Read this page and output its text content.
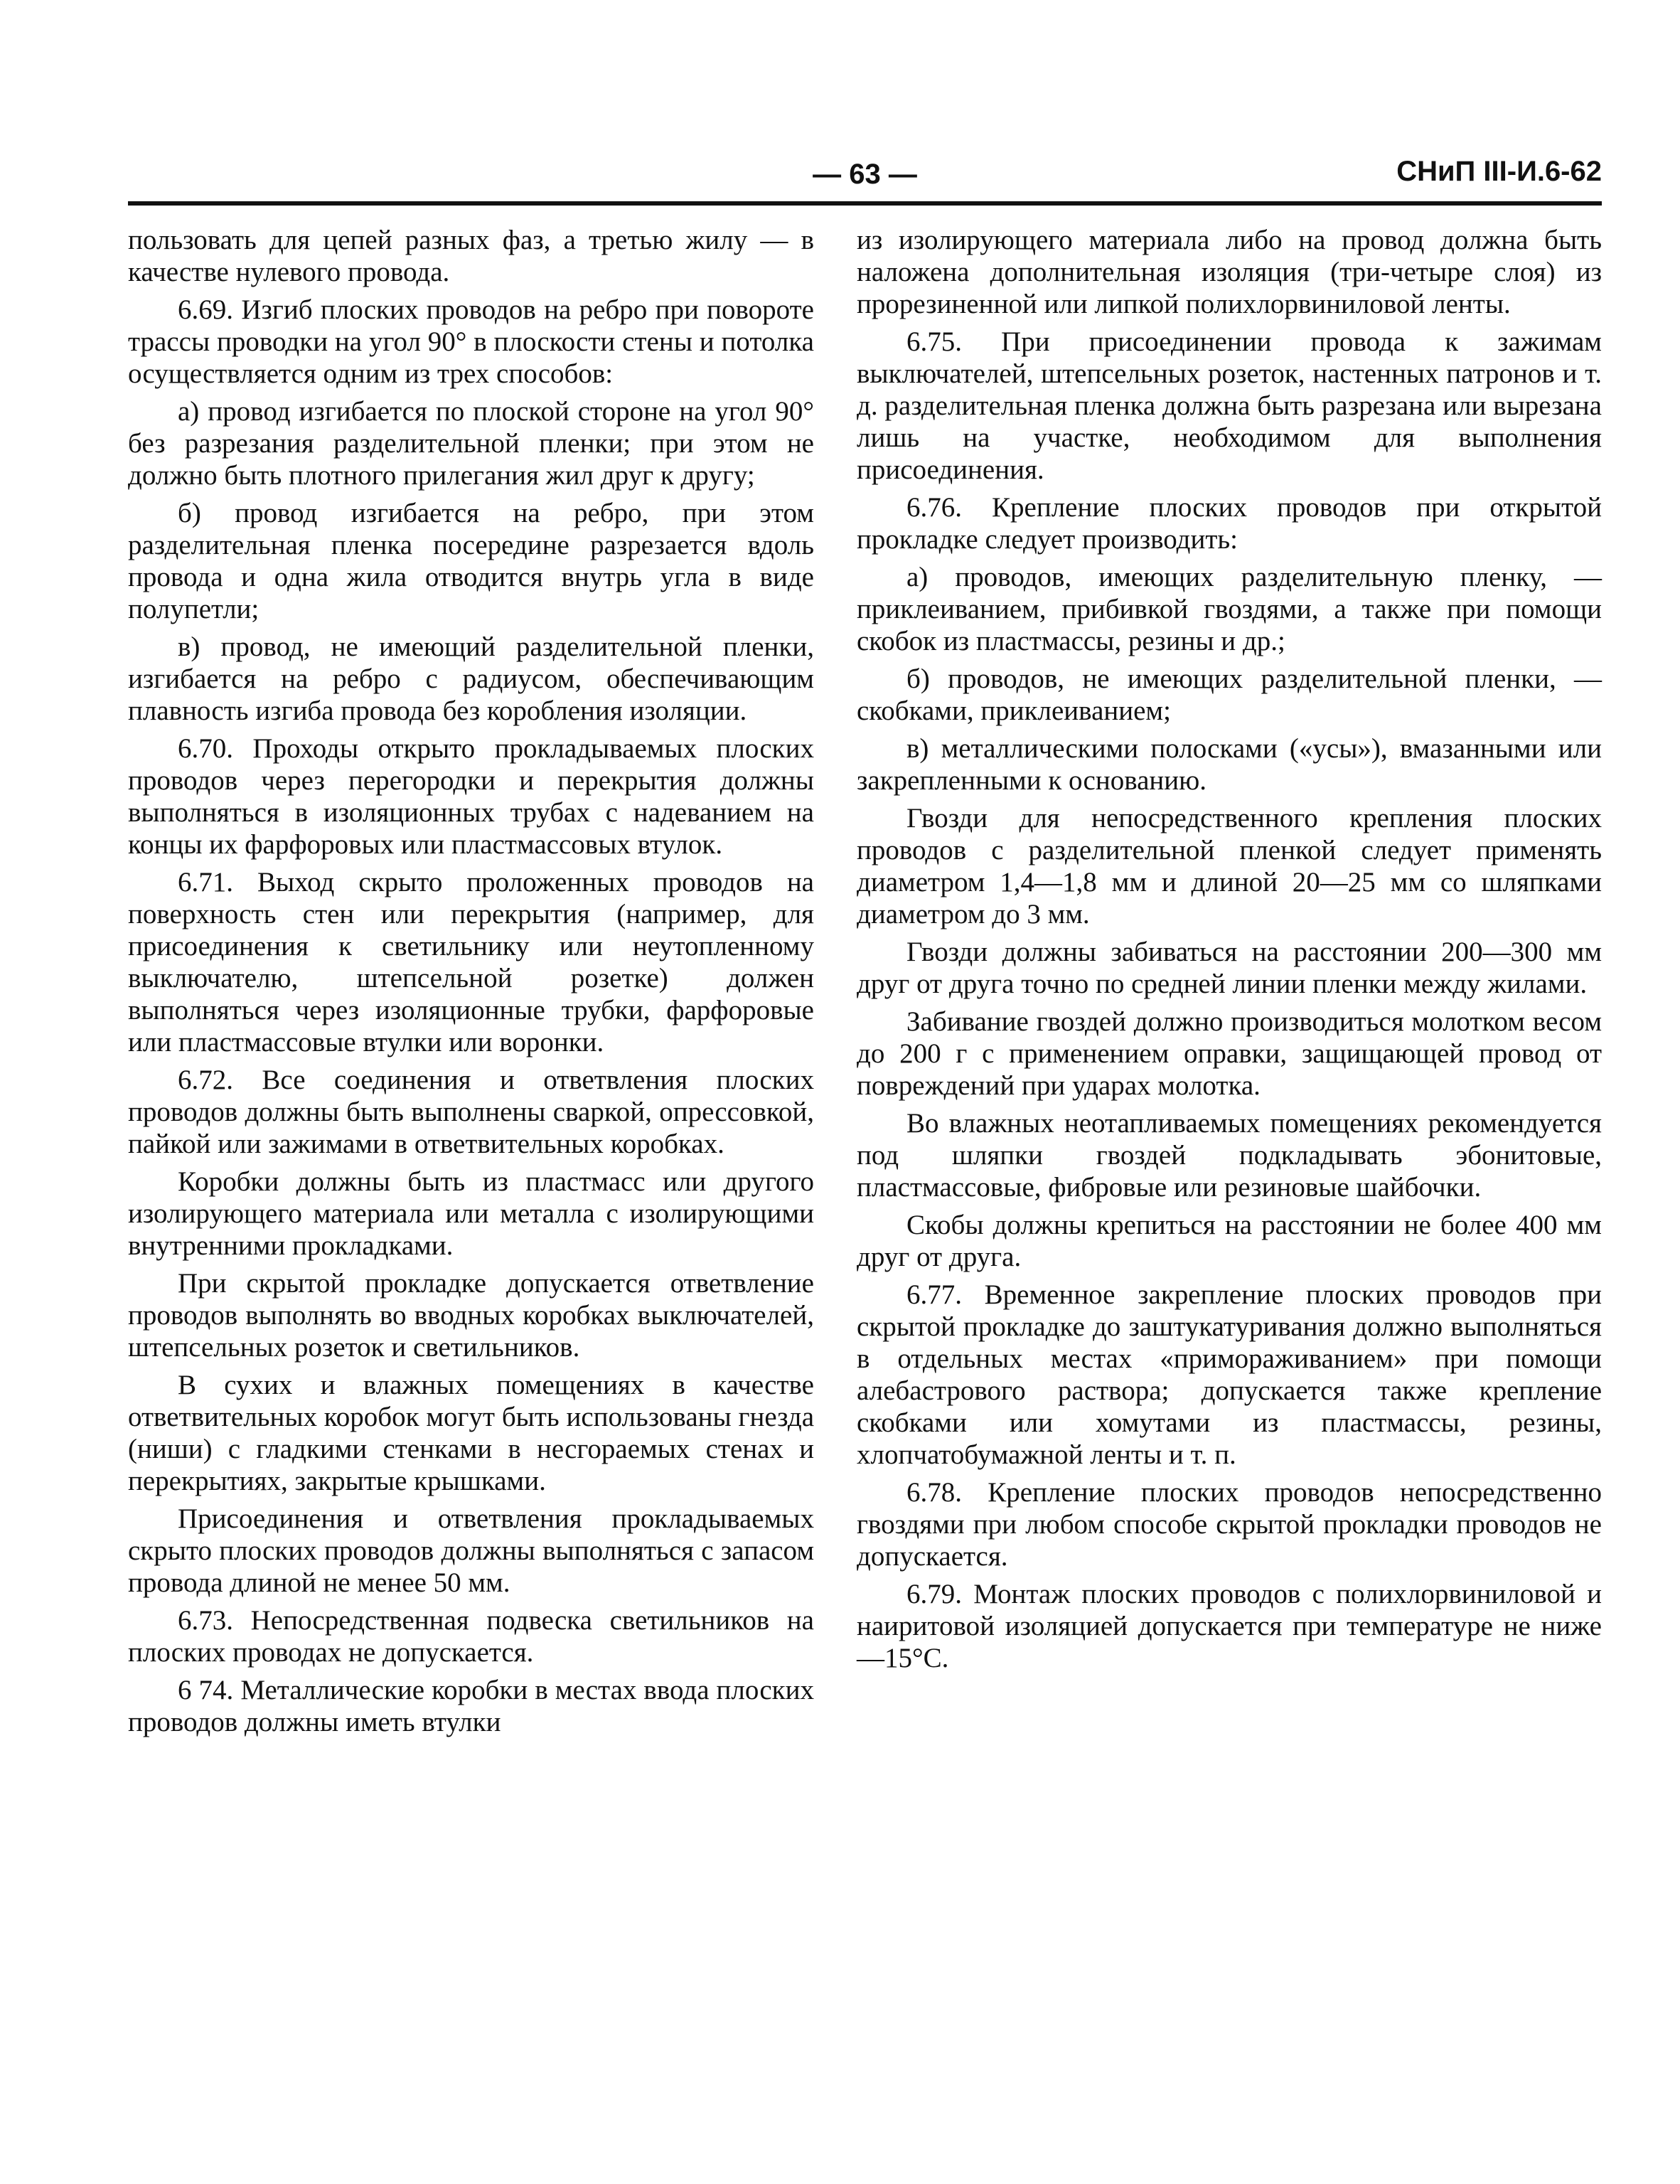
— 63 —	СНиП III-И.6-62

пользовать для цепей разных фаз, а третью жилу — в качестве нулевого провода.

6.69. Изгиб плоских проводов на ребро при повороте трассы проводки на угол 90° в плоскости стены и потолка осуществляется одним из трех способов:

а) провод изгибается по плоской стороне на угол 90° без разрезания разделительной пленки; при этом не должно быть плотного прилегания жил друг к другу;

б) провод изгибается на ребро, при этом разделительная пленка посередине разрезается вдоль провода и одна жила отводится внутрь угла в виде полупетли;

в) провод, не имеющий разделительной пленки, изгибается на ребро с радиусом, обеспечивающим плавность изгиба провода без коробления изоляции.

6.70. Проходы открыто прокладываемых плоских проводов через перегородки и перекрытия должны выполняться в изоляционных трубах с надеванием на концы их фарфоровых или пластмассовых втулок.

6.71. Выход скрыто проложенных проводов на поверхность стен или перекрытия (например, для присоединения к светильнику или неутопленному выключателю, штепсельной розетке) должен выполняться через изоляционные трубки, фарфоровые или пластмассовые втулки или воронки.

6.72. Все соединения и ответвления плоских проводов должны быть выполнены сваркой, опрессовкой, пайкой или зажимами в ответвительных коробках.

Коробки должны быть из пластмасс или другого изолирующего материала или металла с изолирующими внутренними прокладками.

При скрытой прокладке допускается ответвление проводов выполнять во вводных коробках выключателей, штепсельных розеток и светильников.

В сухих и влажных помещениях в качестве ответвительных коробок могут быть использованы гнезда (ниши) с гладкими стенками в несгораемых стенах и перекрытиях, закрытые крышками.

Присоединения и ответвления прокладываемых скрыто плоских проводов должны выполняться с запасом провода длиной не менее 50 мм.

6.73. Непосредственная подвеска светильников на плоских проводах не допускается.

6 74. Металлические коробки в местах ввода плоских проводов должны иметь втулки

из изолирующего материала либо на провод должна быть наложена дополнительная изоляция (три-четыре слоя) из прорезиненной или липкой полихлорвиниловой ленты.

6.75. При присоединении провода к зажимам выключателей, штепсельных розеток, настенных патронов и т. д. разделительная пленка должна быть разрезана или вырезана лишь на участке, необходимом для выполнения присоединения.

6.76. Крепление плоских проводов при открытой прокладке следует производить:

а) проводов, имеющих разделительную пленку, — приклеиванием, прибивкой гвоздями, а также при помощи скобок из пластмассы, резины и др.;

б) проводов, не имеющих разделительной пленки, — скобками, приклеиванием;

в) металлическими полосками («усы»), вмазанными или закрепленными к основанию.

Гвозди для непосредственного крепления плоских проводов с разделительной пленкой следует применять диаметром 1,4—1,8 мм и длиной 20—25 мм со шляпками диаметром до 3 мм.

Гвозди должны забиваться на расстоянии 200—300 мм друг от друга точно по средней линии пленки между жилами.

Забивание гвоздей должно производиться молотком весом до 200 г с применением оправки, защищающей провод от повреждений при ударах молотка.

Во влажных неотапливаемых помещениях рекомендуется под шляпки гвоздей подкладывать эбонитовые, пластмассовые, фибровые или резиновые шайбочки.

Скобы должны крепиться на расстоянии не более 400 мм друг от друга.

6.77. Временное закрепление плоских проводов при скрытой прокладке до заштукатуривания должно выполняться в отдельных местах «примораживанием» при помощи алебастрового раствора; допускается также крепление скобками или хомутами из пластмассы, резины, хлопчатобумажной ленты и т. п.

6.78. Крепление плоских проводов непосредственно гвоздями при любом способе скрытой прокладки проводов не допускается.

6.79. Монтаж плоских проводов с полихлорвиниловой и наиритовой изоляцией допускается при температуре не ниже —15°С.
